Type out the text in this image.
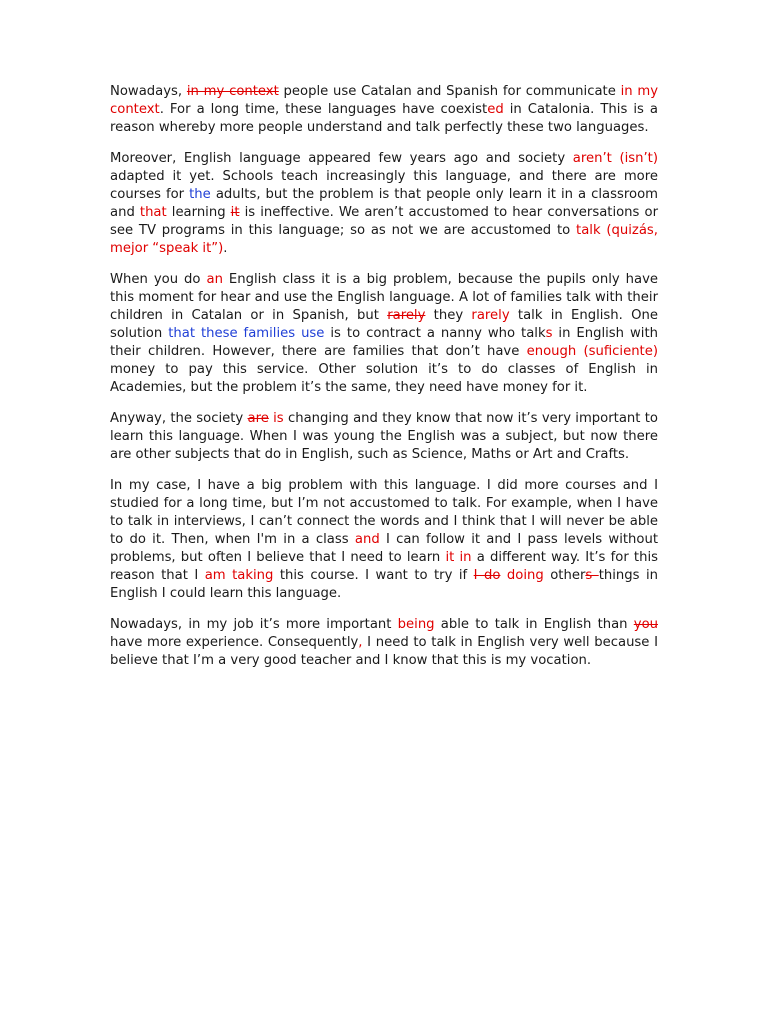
Nowadays, in my context people use Catalan and Spanish for communicate in my context. For a long time, these languages have coexisted in Catalonia. This is a reason whereby more people understand and talk perfectly these two languages.

Moreover, English language appeared few years ago and society aren’t (isn’t) adapted it yet. Schools teach increasingly this language, and there are more courses for the adults, but the problem is that people only learn it in a classroom and that learning it is ineffective. We aren’t accustomed to hear conversations or see TV programs in this language; so as not we are accustomed to talk (quizás, mejor “speak it”).

When you do an English class it is a big problem, because the pupils only have this moment for hear and use the English language. A lot of families talk with their children in Catalan or in Spanish, but rarely they rarely talk in English. One solution that these families use is to contract a nanny who talks in English with their children. However, there are families that don’t have enough (suficiente) money to pay this service. Other solution it’s to do classes of English in Academies, but the problem it’s the same, they need have money for it.

Anyway, the society are is changing and they know that now it’s very important to learn this language. When I was young the English was a subject, but now there are other subjects that do in English, such as Science, Maths or Art and Crafts.

In my case, I have a big problem with this language. I did more courses and I studied for a long time, but I’m not accustomed to talk. For example, when I have to talk in interviews, I can’t connect the words and I think that I will never be able to do it. Then, when I'm in a class and I can follow it and I pass levels without problems, but often I believe that I need to learn it in a different way. It’s for this reason that I am taking this course. I want to try if I do doing others things in English I could learn this language.

Nowadays, in my job it’s more important being able to talk in English than you have more experience. Consequently, I need to talk in English very well because I believe that I’m a very good teacher and I know that this is my vocation.
